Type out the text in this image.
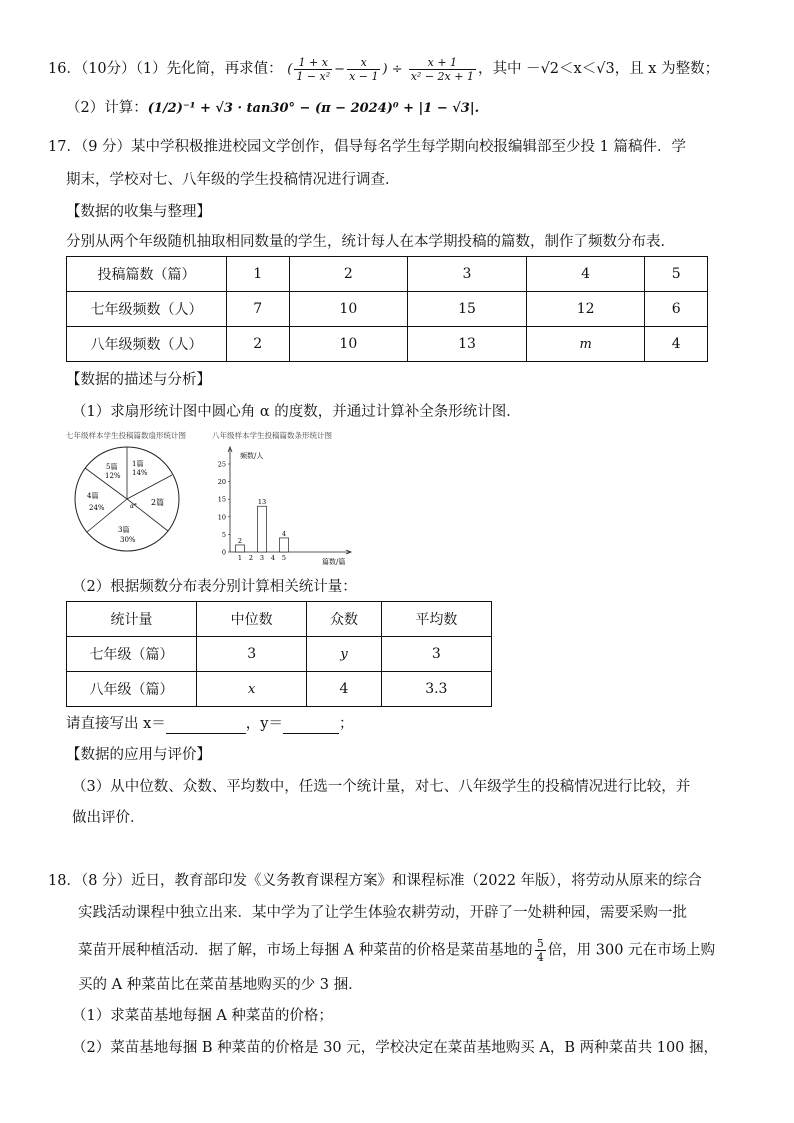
16．（10分）（1）先化简，再求值： ( $\frac{1 + x}{\text{1 − x²}} - \frac{x}{x - 1}$ ) ÷ $\frac{x + 1}{\text{x² − 2x + 1}}$ ，其中 －√2＜x＜√3，且 x 为整数；
（2）计算：(1/2)⁻¹ + √3 · tan30° − (π − 2024)⁰ + |1 − √3|.
17．（9 分）某中学积极推进校园文学创作，倡导每名学生每学期向校报编辑部至少投 1 篇稿件．学
期末，学校对七、八年级的学生投稿情况进行调查．
【数据的收集与整理】
分别从两个年级随机抽取相同数量的学生，统计每人在本学期投稿的篇数，制作了频数分布表．
投稿篇数（篇）	1	2	3	4	5
七年级频数（人）	7	10	15	12	6
八年级频数（人）	2	10	13	m	4
【数据的描述与分析】
（1）求扇形统计图中圆心角 α 的度数，并通过计算补全条形统计图．
七年级样本学生投稿篇数扇形统计图
1篇
14%
2篇
3篇
30%
4篇
24%
5篇
12%
α°
八年级样本学生投稿篇数条形统计图
频数/人
篇数/篇
0
5
10
15
20
25
1
2
2 3
13
4 5
4
（2）根据频数分布表分别计算相关统计量：
统计量	中位数	众数	平均数
七年级（篇）	3	y	3
八年级（篇）	x	4	3.3
请直接写出 x＝	，y＝	；
【数据的应用与评价】
（3）从中位数、众数、平均数中，任选一个统计量，对七、八年级学生的投稿情况进行比较，并
做出评价．
18．（8 分）近日，教育部印发《义务教育课程方案》和课程标准（2022 年版），将劳动从原来的综合
实践活动课程中独立出来．某中学为了让学生体验农耕劳动，开辟了一处耕种园，需要采购一批
菜苗开展种植活动．据了解，市场上每捆 A 种菜苗的价格是菜苗基地的 $\frac{5}{4}$ 倍，用 300 元在市场上购
买的 A 种菜苗比在菜苗基地购买的少 3 捆．
（1）求菜苗基地每捆 A 种菜苗的价格；
（2）菜苗基地每捆 B 种菜苗的价格是 30 元，学校决定在菜苗基地购买 A，B 两种菜苗共 100 捆，
